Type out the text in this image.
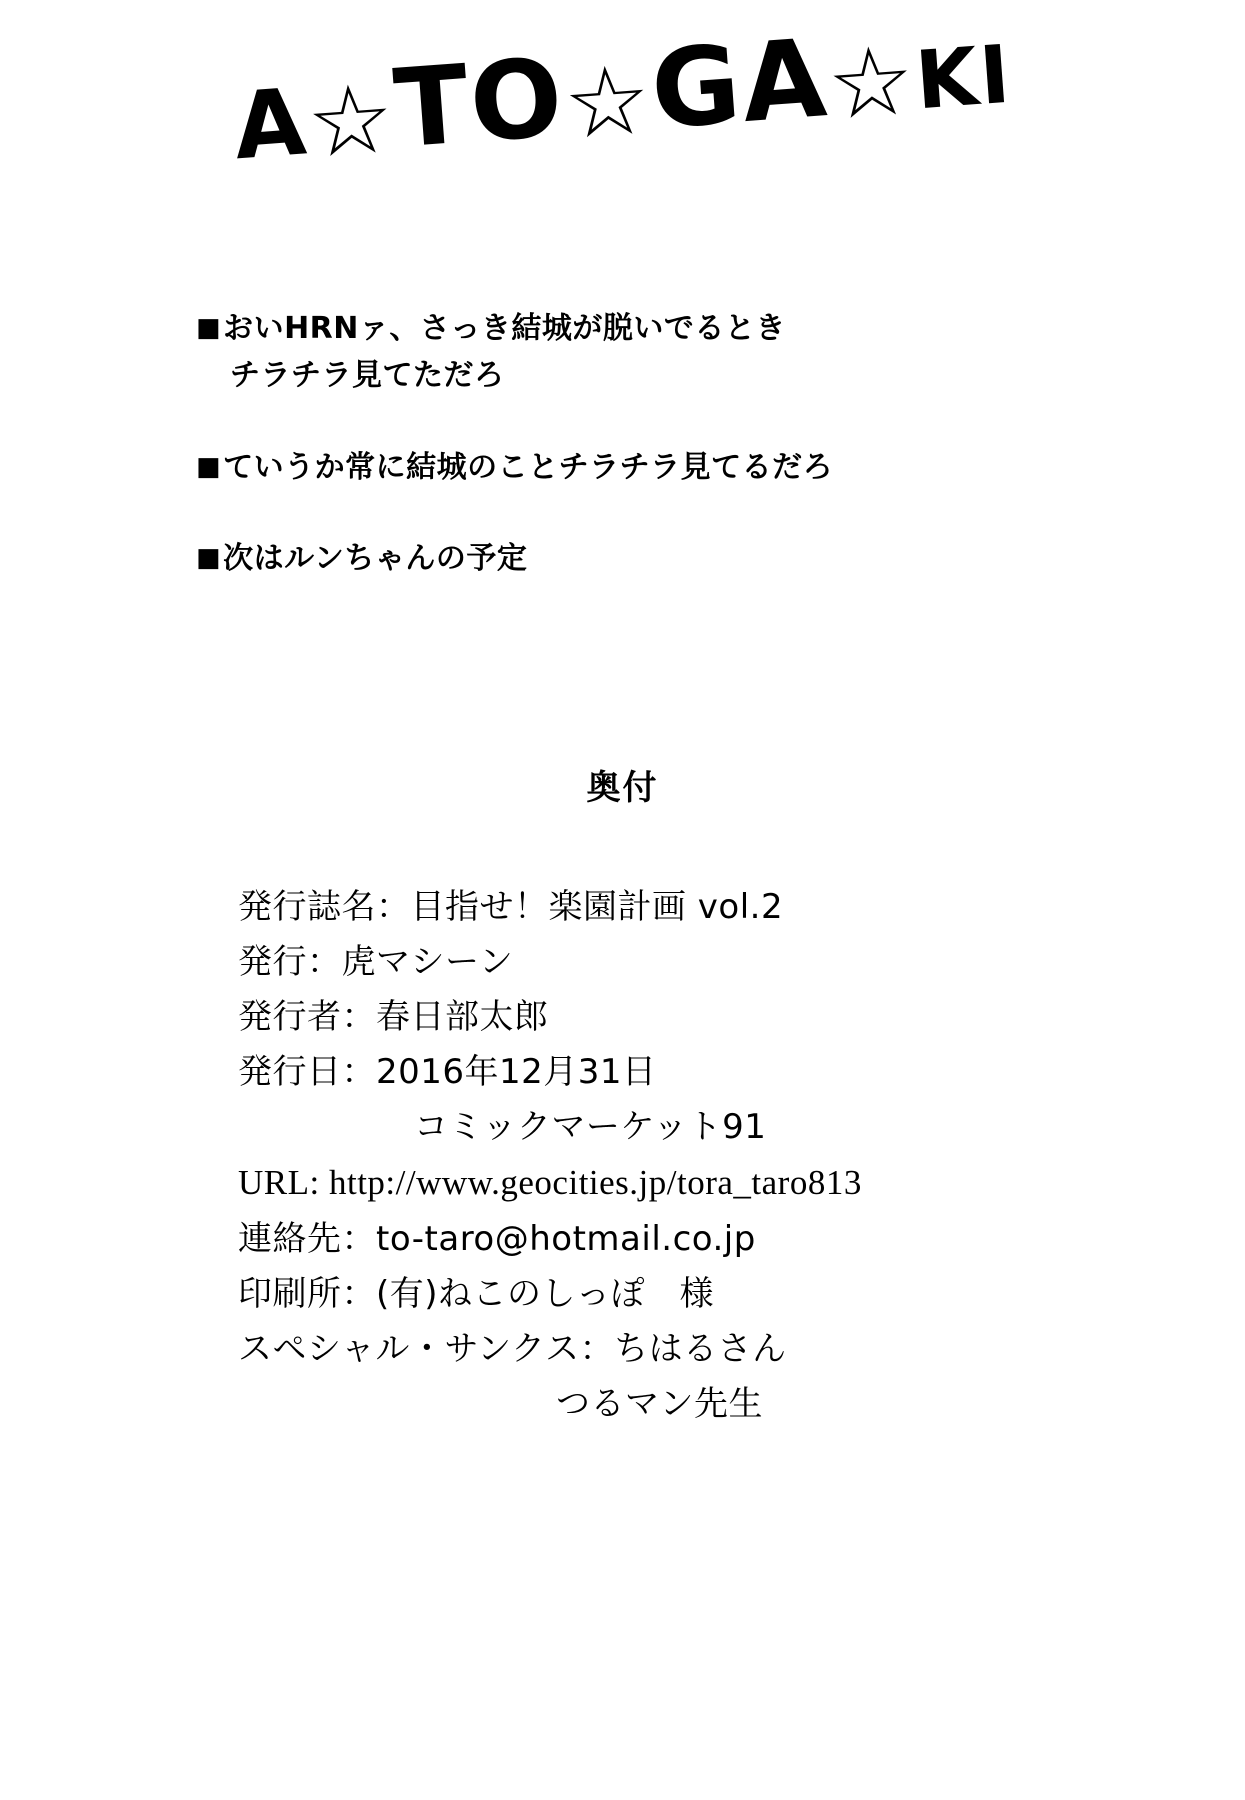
A☆TO☆GA☆KI
■おいHRNァ、さっき結城が脱いでるとき
チラチラ見てただろ
■ていうか常に結城のことチラチラ見てるだろ
■次はルンちゃんの予定
奥付
発行誌名：目指せ！楽園計画 vol.2
発行：虎マシーン
発行者：春日部太郎
発行日：2016年12月31日
コミックマーケット91
URL: http://www.geocities.jp/tora_taro813
連絡先：to-taro@hotmail.co.jp
印刷所：(有)ねこのしっぽ　様
スペシャル・サンクス：ちはるさん
つるマン先生
